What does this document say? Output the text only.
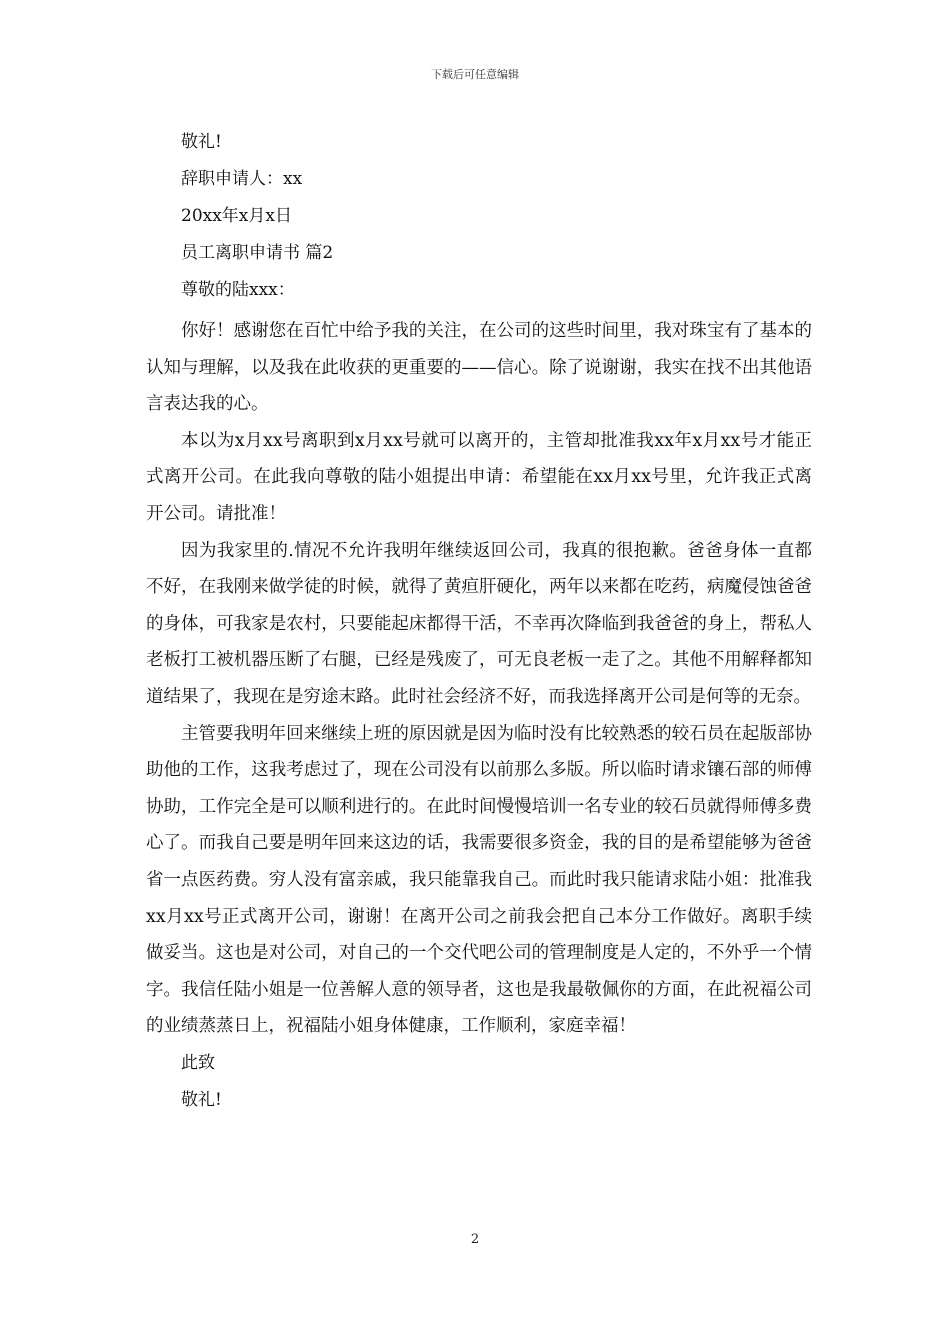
下载后可任意编辑
敬礼!
辞职申请人：xx
20xx年x月x日
员工离职申请书 篇2
尊敬的陆xxx：

你好！感谢您在百忙中给予我的关注，在公司的这些时间里，我对珠宝有了基本的认知与理解，以及我在此收获的更重要的——信心。除了说谢谢，我实在找不出其他语言表达我的心。

本以为x月xx号离职到x月xx号就可以离开的，主管却批准我xx年x月xx号才能正式离开公司。在此我向尊敬的陆小姐提出申请：希望能在xx月xx号里，允许我正式离开公司。请批准！

因为我家里的.情况不允许我明年继续返回公司，我真的很抱歉。爸爸身体一直都不好，在我刚来做学徒的时候，就得了黄疸肝硬化，两年以来都在吃药，病魔侵蚀爸爸的身体，可我家是农村，只要能起床都得干活，不幸再次降临到我爸爸的身上，帮私人老板打工被机器压断了右腿，已经是残废了，可无良老板一走了之。其他不用解释都知道结果了，我现在是穷途末路。此时社会经济不好，而我选择离开公司是何等的无奈。

主管要我明年回来继续上班的原因就是因为临时没有比较熟悉的较石员在起版部协助他的工作，这我考虑过了，现在公司没有以前那么多版。所以临时请求镶石部的师傅协助，工作完全是可以顺利进行的。在此时间慢慢培训一名专业的较石员就得师傅多费心了。而我自己要是明年回来这边的话，我需要很多资金，我的目的是希望能够为爸爸省一点医药费。穷人没有富亲戚，我只能靠我自己。而此时我只能请求陆小姐：批准我xx月xx号正式离开公司，谢谢！在离开公司之前我会把自己本分工作做好。离职手续做妥当。这也是对公司，对自己的一个交代吧公司的管理制度是人定的，不外乎一个情字。我信任陆小姐是一位善解人意的领导者，这也是我最敬佩你的方面，在此祝福公司的业绩蒸蒸日上，祝福陆小姐身体健康，工作顺利，家庭幸福！

此致
敬礼!
2
